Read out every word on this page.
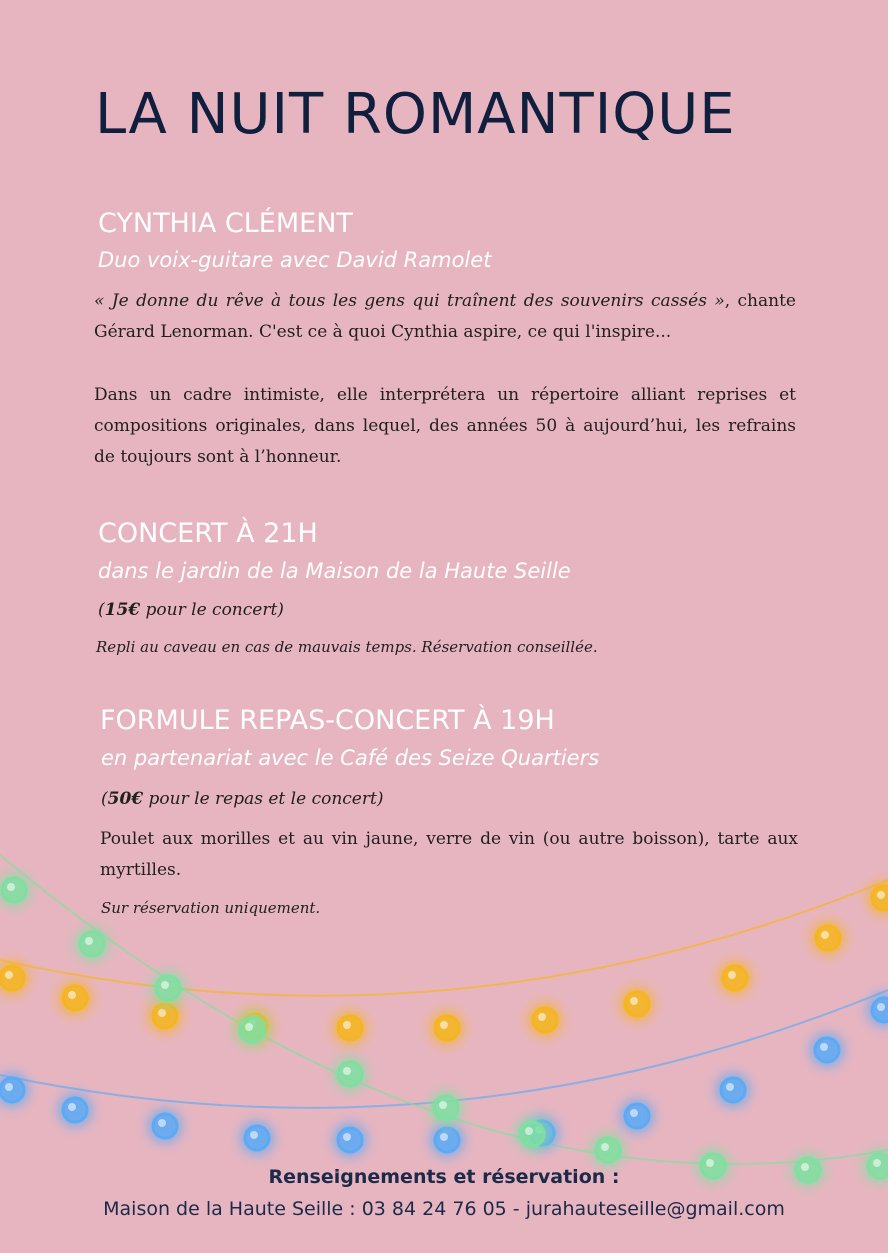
LA NUIT ROMANTIQUE
CYNTHIA CLÉMENT

Duo voix-guitare avec David Ramolet

« Je donne du rêve à tous les gens qui traînent des souvenirs cassés », chante Gérard Lenorman. C'est ce à quoi Cynthia aspire, ce qui l'inspire...

Dans un cadre intimiste, elle interprétera un répertoire alliant reprises et compositions originales, dans lequel, des années 50 à aujourd’hui, les refrains de toujours sont à l’honneur.

CONCERT À 21H

dans le jardin de la Maison de la Haute Seille

(15€ pour le concert)

Repli au caveau en cas de mauvais temps. Réservation conseillée.

FORMULE REPAS-CONCERT À 19H

en partenariat avec le Café des Seize Quartiers

(50€ pour le repas et le concert)

Poulet aux morilles et au vin jaune, verre de vin (ou autre boisson), tarte aux myrtilles.

Sur réservation uniquement.

Renseignements et réservation :

Maison de la Haute Seille : 03 84 24 76 05 - jurahauteseille@gmail.com
